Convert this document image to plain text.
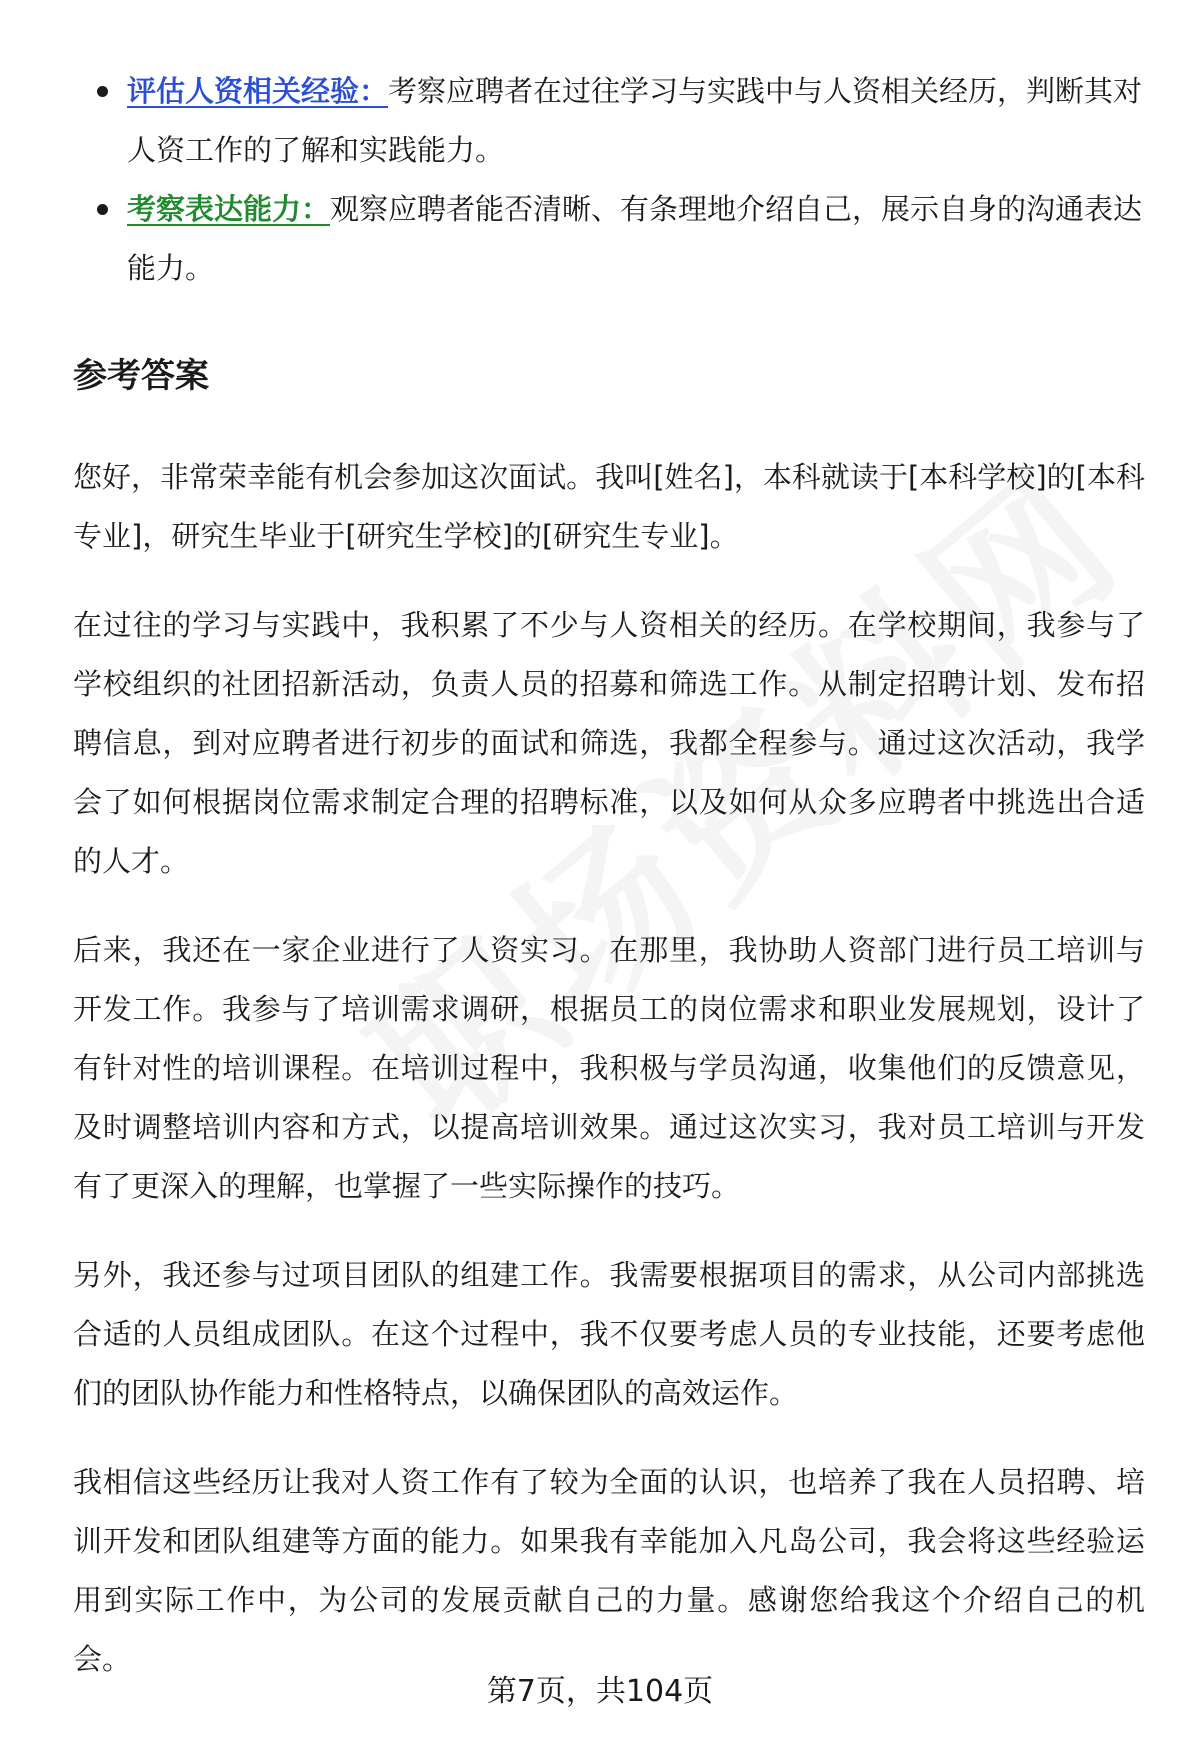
评估人资相关经验：考察应聘者在过往学习与实践中与人资相关经历，判断其对人资工作的了解和实践能力。
考察表达能力：观察应聘者能否清晰、有条理地介绍自己，展示自身的沟通表达能力。
参考答案

您好，非常荣幸能有机会参加这次面试。我叫[姓名]，本科就读于[本科学校]的[本科专业]，研究生毕业于[研究生学校]的[研究生专业]。

在过往的学习与实践中，我积累了不少与人资相关的经历。在学校期间，我参与了学校组织的社团招新活动，负责人员的招募和筛选工作。从制定招聘计划、发布招聘信息，到对应聘者进行初步的面试和筛选，我都全程参与。通过这次活动，我学会了如何根据岗位需求制定合理的招聘标准，以及如何从众多应聘者中挑选出合适的人才。

后来，我还在一家企业进行了人资实习。在那里，我协助人资部门进行员工培训与开发工作。我参与了培训需求调研，根据员工的岗位需求和职业发展规划，设计了有针对性的培训课程。在培训过程中，我积极与学员沟通，收集他们的反馈意见，及时调整培训内容和方式，以提高培训效果。通过这次实习，我对员工培训与开发有了更深入的理解，也掌握了一些实际操作的技巧。

另外，我还参与过项目团队的组建工作。我需要根据项目的需求，从公司内部挑选合适的人员组成团队。在这个过程中，我不仅要考虑人员的专业技能，还要考虑他们的团队协作能力和性格特点，以确保团队的高效运作。

我相信这些经历让我对人资工作有了较为全面的认识，也培养了我在人员招聘、培训开发和团队组建等方面的能力。如果我有幸能加入凡岛公司，我会将这些经验运用到实际工作中，为公司的发展贡献自己的力量。感谢您给我这个介绍自己的机会。

第7页，共104页
